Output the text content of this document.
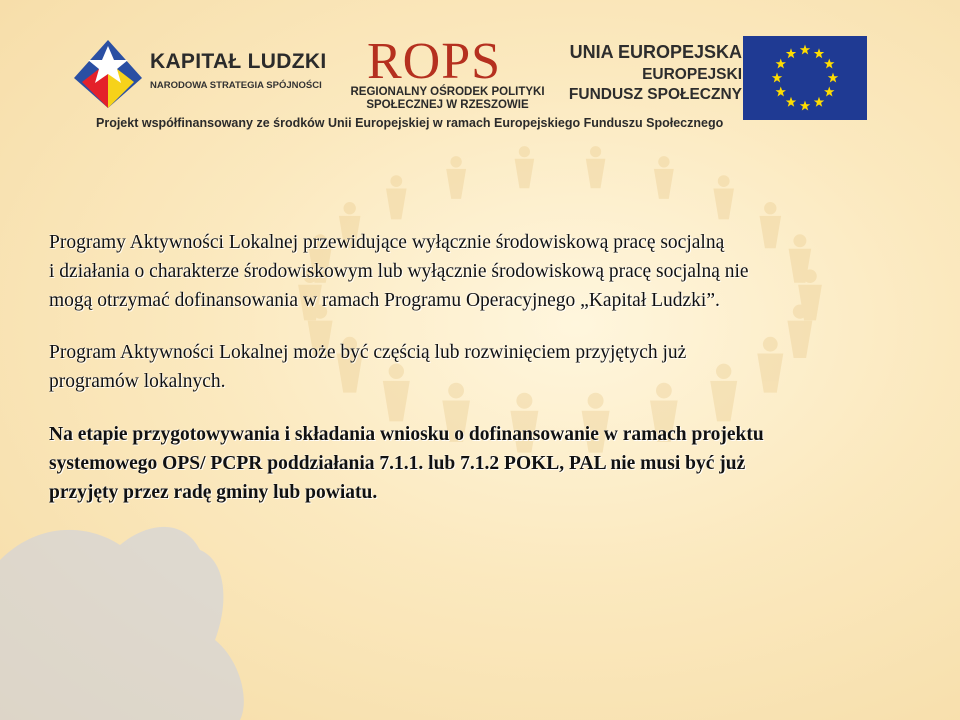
KAPITAŁ LUDZKI
NARODOWA STRATEGIA SPÓJNOŚCI ROPS
REGIONALNY OŚRODEK POLITYKI
SPOŁECZNEJ W RZESZOWIE
UNIA EUROPEJSKA
EUROPEJSKI
FUNDUSZ SPOŁECZNY
Projekt współfinansowany ze środków Unii Europejskiej w ramach Europejskiego Funduszu Społecznego
Programy Aktywności Lokalnej przewidujące wyłącznie środowiskową pracę socjalną
i działania o charakterze środowiskowym lub wyłącznie środowiskową pracę socjalną nie
mogą otrzymać dofinansowania w ramach Programu Operacyjnego „Kapitał Ludzki”.
Program Aktywności Lokalnej może być częścią lub rozwinięciem przyjętych już
programów lokalnych.
Na etapie przygotowywania i składania wniosku o dofinansowanie w ramach projektu
systemowego OPS/ PCPR poddziałania 7.1.1. lub 7.1.2 POKL, PAL nie musi być już
przyjęty przez radę gminy lub powiatu.
